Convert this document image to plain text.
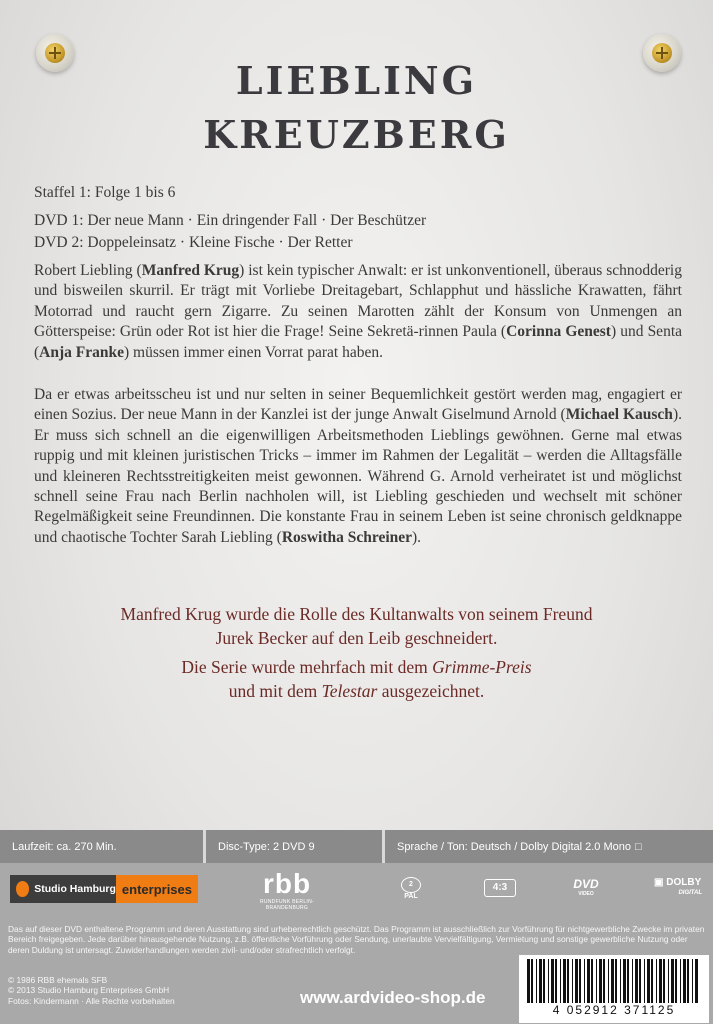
LIEBLING
KREUZBERG
Staffel 1: Folge 1 bis 6
DVD 1: Der neue Mann · Ein dringender Fall · Der Beschützer
DVD 2: Doppeleinsatz · Kleine Fische · Der Retter
Robert Liebling (Manfred Krug) ist kein typischer Anwalt: er ist unkonventionell, überaus schnodderig und bisweilen skurril. Er trägt mit Vorliebe Dreitagebart, Schlapphut und hässliche Krawatten, fährt Motorrad und raucht gern Zigarre. Zu seinen Marotten zählt der Konsum von Unmengen an Götterspeise: Grün oder Rot ist hier die Frage! Seine Sekretä-rinnen Paula (Corinna Genest) und Senta (Anja Franke) müssen immer einen Vorrat parat haben.
Da er etwas arbeitsscheu ist und nur selten in seiner Bequemlichkeit gestört werden mag, engagiert er einen Sozius. Der neue Mann in der Kanzlei ist der junge Anwalt Giselmund Arnold (Michael Kausch). Er muss sich schnell an die eigenwilligen Arbeitsmethoden Lieblings gewöhnen. Gerne mal etwas ruppig und mit kleinen juristischen Tricks – immer im Rahmen der Legalität – werden die Alltagsfälle und kleineren Rechtsstreitigkeiten meist gewonnen. Während G. Arnold verheiratet ist und möglichst schnell seine Frau nach Berlin nachholen will, ist Liebling geschieden und wechselt mit schöner Regelmäßigkeit seine Freundinnen. Die konstante Frau in seinem Leben ist seine chronisch geldknappe und chaotische Tochter Sarah Liebling (Roswitha Schreiner).
Manfred Krug wurde die Rolle des Kultanwalts von seinem Freund
Jurek Becker auf den Leib geschneidert.
Die Serie wurde mehrfach mit dem Grimme-Preis
und mit dem Telestar ausgezeichnet.
Laufzeit: ca. 270 Min.	Disc-Type: 2 DVD 9	Sprache / Ton: Deutsch / Dolby Digital 2.0 Mono □
Studio Hamburg enterprises	rbb
RUNDFUNK BERLIN-BRANDENBURG
2
PAL
4:3	DVD
VIDEO
▣ DOLBY
DIGITAL
Das auf dieser DVD enthaltene Programm und deren Ausstattung sind urheberrechtlich geschützt. Das Programm ist ausschließlich zur Vorführung für nichtgewerbliche Zwecke im privaten Bereich freigegeben. Jede darüber hinausgehende Nutzung, z.B. öffentliche Vorführung oder Sendung, unerlaubte Vervielfältigung, Vermietung und sonstige gewerbliche Nutzung oder deren Duldung ist untersagt. Zuwiderhandlungen werden zivil- und/oder strafrechtlich verfolgt.
© 1986 RBB ehemals SFB
© 2013 Studio Hamburg Enterprises GmbH
Fotos: Kindermann · Alle Rechte vorbehalten	www.ardvideo-shop.de
4 052912 371125
